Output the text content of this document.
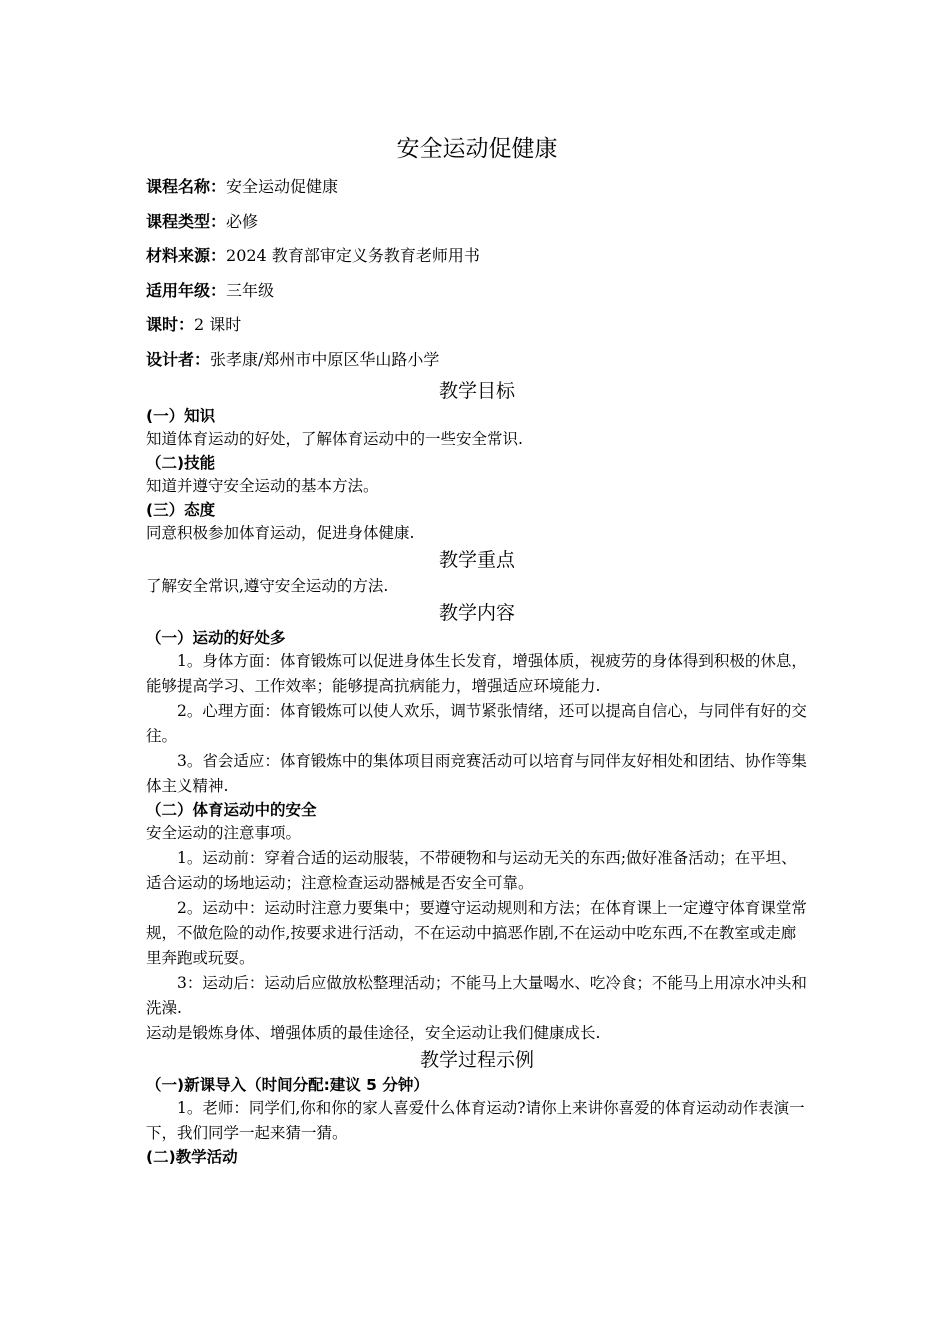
安全运动促健康
课程名称：安全运动促健康
课程类型：必修
材料来源：2024 教育部审定义务教育老师用书
适用年级：三年级
课时：2 课时
设计者：张孝康/郑州市中原区华山路小学
教学目标
(一）知识
知道体育运动的好处，了解体育运动中的一些安全常识.
（二)技能
知道并遵守安全运动的基本方法。
(三）态度
同意积极参加体育运动，促进身体健康.
教学重点
了解安全常识,遵守安全运动的方法.
教学内容
（一）运动的好处多
1。身体方面：体育锻炼可以促进身体生长发育，增强体质，视疲劳的身体得到积极的休息，能够提高学习、工作效率；能够提高抗病能力，增强适应环境能力.
2。心理方面：体育锻炼可以使人欢乐，调节紧张情绪，还可以提高自信心，与同伴有好的交往。
3。省会适应：体育锻炼中的集体项目雨竞赛活动可以培育与同伴友好相处和团结、协作等集体主义精神.
（二）体育运动中的安全
安全运动的注意事项。
1。运动前：穿着合适的运动服装，不带硬物和与运动无关的东西;做好准备活动；在平坦、适合运动的场地运动；注意检查运动器械是否安全可靠。
2。运动中：运动时注意力要集中；要遵守运动规则和方法；在体育课上一定遵守体育课堂常规，不做危险的动作,按要求进行活动，不在运动中搞恶作剧,不在运动中吃东西,不在教室或走廊里奔跑或玩耍。
3：运动后：运动后应做放松整理活动；不能马上大量喝水、吃冷食；不能马上用凉水冲头和洗澡.
运动是锻炼身体、增强体质的最佳途径，安全运动让我们健康成长.
教学过程示例
（一)新课导入（时间分配:建议 5 分钟）
1。老师：同学们,你和你的家人喜爱什么体育运动?请你上来讲你喜爱的体育运动动作表演一下，我们同学一起来猜一猜。
(二)教学活动
